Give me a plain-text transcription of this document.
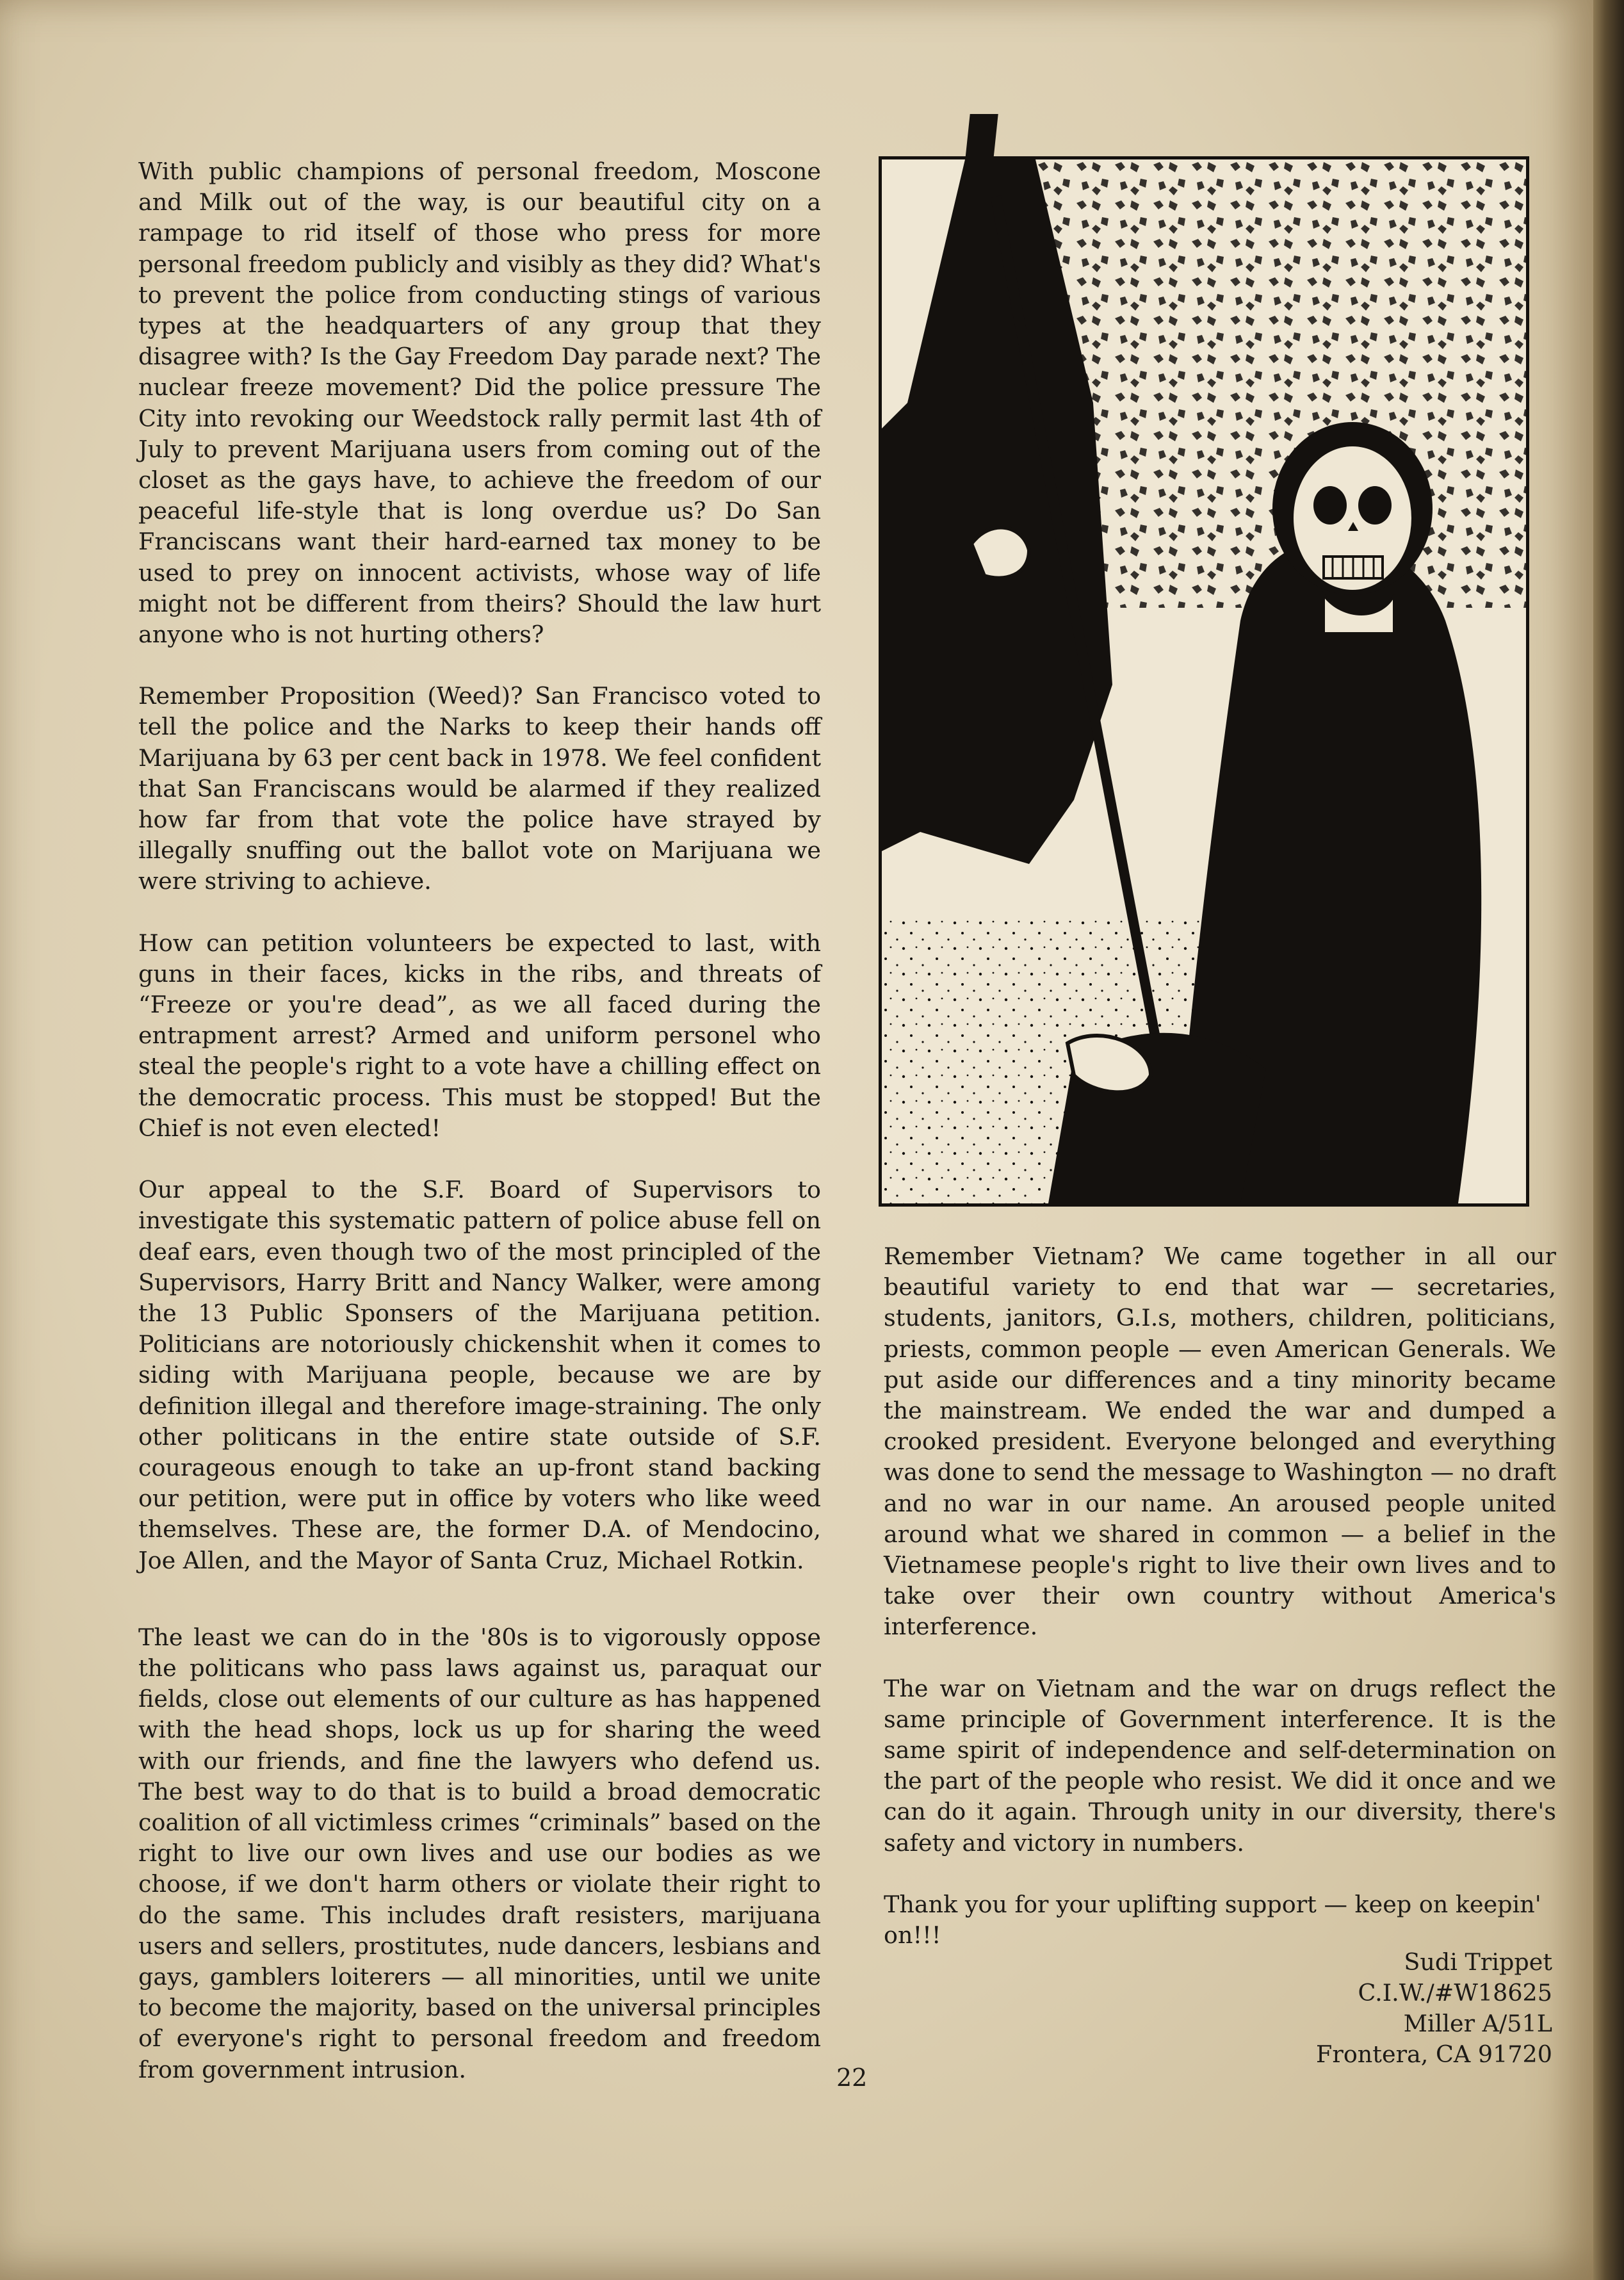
With public champions of personal freedom, Moscone and Milk out of the way, is our beautiful city on a rampage to rid itself of those who press for more personal freedom publicly and visibly as they did? What's to prevent the police from conducting stings of various types at the headquarters of any group that they disagree with? Is the Gay Freedom Day parade next? The nuclear freeze movement? Did the police pressure The City into revoking our Weedstock rally permit last 4th of July to prevent Marijuana users from coming out of the closet as the gays have, to achieve the freedom of our peaceful life-style that is long overdue us? Do San Franciscans want their hard-earned tax money to be used to prey on innocent activists, whose way of life might not be different from theirs? Should the law hurt anyone who is not hurting others?

Remember Proposition (Weed)? San Francisco voted to tell the police and the Narks to keep their hands off Marijuana by 63 per cent back in 1978. We feel confident that San Franciscans would be alarmed if they realized how far from that vote the police have strayed by illegally snuffing out the ballot vote on Marijuana we were striving to achieve.

How can petition volunteers be expected to last, with guns in their faces, kicks in the ribs, and threats of “Freeze or you're dead”, as we all faced during the entrapment arrest? Armed and uniform personel who steal the people's right to a vote have a chilling effect on the democratic process. This must be stopped! But the Chief is not even elected!

Our appeal to the S.F. Board of Supervisors to investigate this systematic pattern of police abuse fell on deaf ears, even though two of the most principled of the Supervisors, Harry Britt and Nancy Walker, were among the 13 Public Sponsers of the Marijuana petition. Politicians are notoriously chickenshit when it comes to siding with Marijuana people, because we are by definition illegal and therefore image-straining. The only other politicans in the entire state outside of S.F. courageous enough to take an up-front stand backing our petition, were put in office by voters who like weed themselves. These are, the former D.A. of Mendocino, Joe Allen, and the Mayor of Santa Cruz, Michael Rotkin.

The least we can do in the '80s is to vigorously oppose the politicans who pass laws against us, paraquat our fields, close out elements of our culture as has happened with the head shops, lock us up for sharing the weed with our friends, and fine the lawyers who defend us. The best way to do that is to build a broad democratic coalition of all victimless crimes “criminals” based on the right to live our own lives and use our bodies as we choose, if we don't harm others or violate their right to do the same. This includes draft resisters, marijuana users and sellers, prostitutes, nude dancers, lesbians and gays, gamblers loiterers — all minorities, until we unite to become the majority, based on the universal principles of everyone's right to personal freedom and freedom from government intrusion.

Remember Vietnam? We came together in all our beautiful variety to end that war — secretaries, students, janitors, G.I.s, mothers, children, politicians, priests, common people — even American Generals. We put aside our differences and a tiny minority became the mainstream. We ended the war and dumped a crooked president. Everyone belonged and everything was done to send the message to Washington — no draft and no war in our name. An aroused people united around what we shared in common — a belief in the Vietnamese people's right to live their own lives and to take over their own country without America's interference.

The war on Vietnam and the war on drugs reflect the same principle of Government interference. It is the same spirit of independence and self-determination on the part of the people who resist. We did it once and we can do it again. Through unity in our diversity, there's safety and victory in numbers.

Thank you for your uplifting support — keep on keepin' on!!!

Sudi Trippet
C.I.W./#W18625
Miller A/51L
Frontera, CA 91720
22
